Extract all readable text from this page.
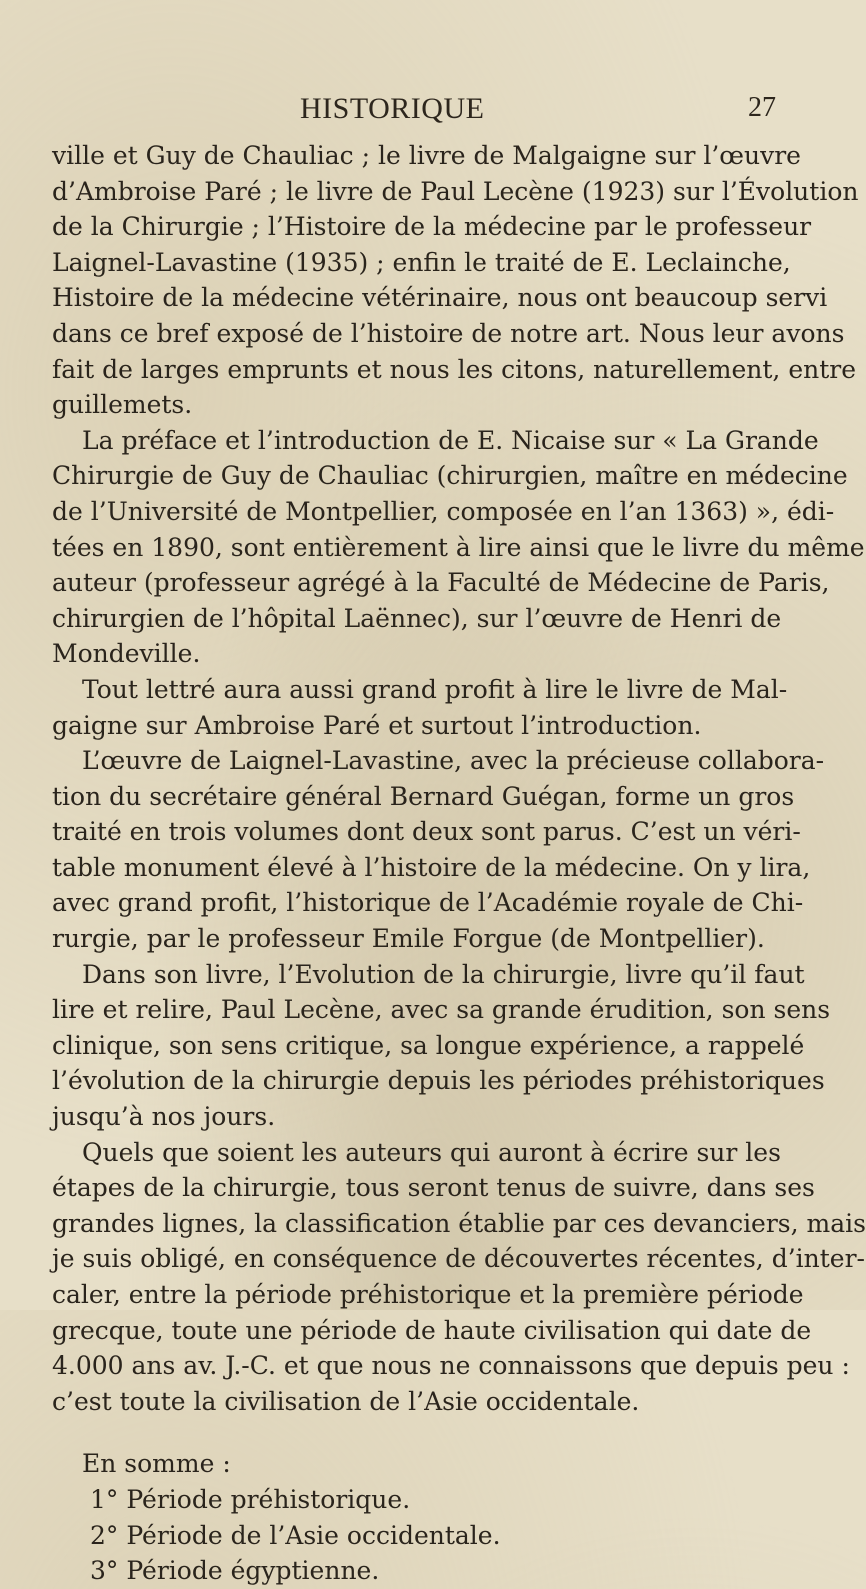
HISTORIQUE	27
ville et Guy de Chauliac ; le livre de Malgaigne sur l’œuvre
d’Ambroise Paré ; le livre de Paul Lecène (1923) sur l’Évolution
de la Chirurgie ; l’Histoire de la médecine par le professeur
Laignel-Lavastine (1935) ; enfin le traité de E. Leclainche,
Histoire de la médecine vétérinaire, nous ont beaucoup servi
dans ce bref exposé de l’histoire de notre art. Nous leur avons
fait de larges emprunts et nous les citons, naturellement, entre
guillemets.
La préface et l’introduction de E. Nicaise sur « La Grande
Chirurgie de Guy de Chauliac (chirurgien, maître en médecine
de l’Université de Montpellier, composée en l’an 1363) », édi-
tées en 1890, sont entièrement à lire ainsi que le livre du même
auteur (professeur agrégé à la Faculté de Médecine de Paris,
chirurgien de l’hôpital Laënnec), sur l’œuvre de Henri de
Mondeville.
Tout lettré aura aussi grand profit à lire le livre de Mal-
gaigne sur Ambroise Paré et surtout l’introduction.
L’œuvre de Laignel-Lavastine, avec la précieuse collabora-
tion du secrétaire général Bernard Guégan, forme un gros
traité en trois volumes dont deux sont parus. C’est un véri-
table monument élevé à l’histoire de la médecine. On y lira,
avec grand profit, l’historique de l’Académie royale de Chi-
rurgie, par le professeur Emile Forgue (de Montpellier).
Dans son livre, l’Evolution de la chirurgie, livre qu’il faut
lire et relire, Paul Lecène, avec sa grande érudition, son sens
clinique, son sens critique, sa longue expérience, a rappelé
l’évolution de la chirurgie depuis les périodes préhistoriques
jusqu’à nos jours.
Quels que soient les auteurs qui auront à écrire sur les
étapes de la chirurgie, tous seront tenus de suivre, dans ses
grandes lignes, la classification établie par ces devanciers, mais
je suis obligé, en conséquence de découvertes récentes, d’inter-
caler, entre la période préhistorique et la première période
grecque, toute une période de haute civilisation qui date de
4.000 ans av. J.-C. et que nous ne connaissons que depuis peu :
c’est toute la civilisation de l’Asie occidentale.
En somme :
1° Période préhistorique.
2° Période de l’Asie occidentale.
3° Période égyptienne.
